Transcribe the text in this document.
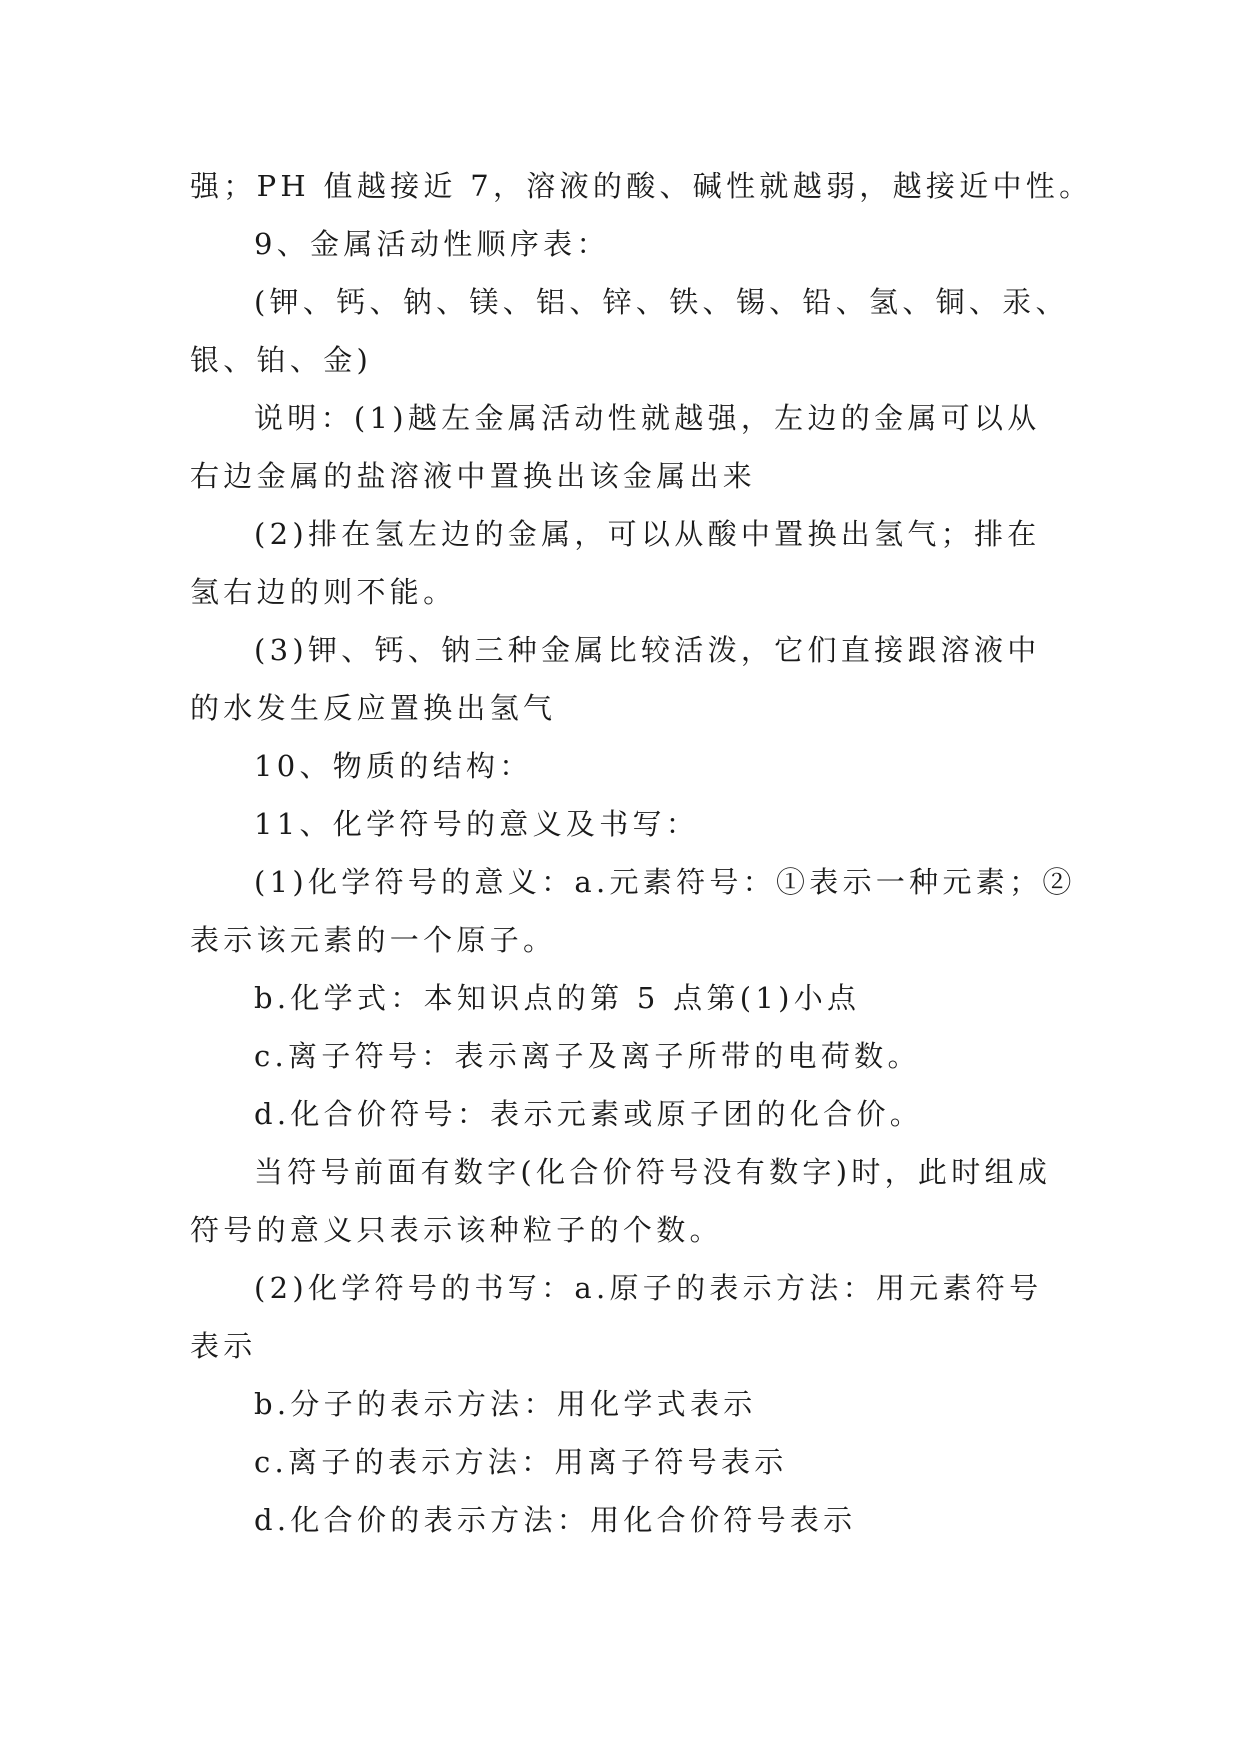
强；PH 值越接近 7，溶液的酸、碱性就越弱，越接近中性。
9、金属活动性顺序表：
(钾、钙、钠、镁、铝、锌、铁、锡、铅、氢、铜、汞、
银、铂、金)
说明：(1)越左金属活动性就越强，左边的金属可以从
右边金属的盐溶液中置换出该金属出来
(2)排在氢左边的金属，可以从酸中置换出氢气；排在
氢右边的则不能。
(3)钾、钙、钠三种金属比较活泼，它们直接跟溶液中
的水发生反应置换出氢气
10、物质的结构：
11、化学符号的意义及书写：
(1)化学符号的意义：a.元素符号：①表示一种元素；②
表示该元素的一个原子。
b.化学式：本知识点的第 5 点第(1)小点
c.离子符号：表示离子及离子所带的电荷数。
d.化合价符号：表示元素或原子团的化合价。
当符号前面有数字(化合价符号没有数字)时，此时组成
符号的意义只表示该种粒子的个数。
(2)化学符号的书写：a.原子的表示方法：用元素符号
表示
b.分子的表示方法：用化学式表示
c.离子的表示方法：用离子符号表示
d.化合价的表示方法：用化合价符号表示
